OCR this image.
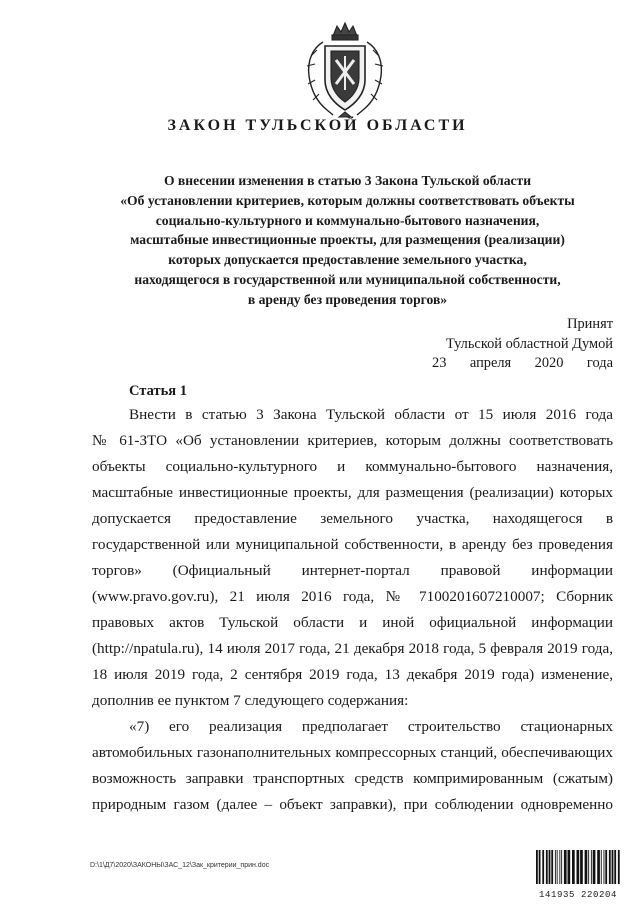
ЗАКОН ТУЛЬСКОЙ ОБЛАСТИ
О внесении изменения в статью 3 Закона Тульской области
«Об установлении критериев, которым должны соответствовать объекты
социально-культурного и коммунально-бытового назначения,
масштабные инвестиционные проекты, для размещения (реализации)
которых допускается предоставление земельного участка,
находящегося в государственной или муниципальной собственности,
в аренду без проведения торгов»
Принят
Тульской областной Думой
23 апреля 2020 года
Статья 1
Внести в статью 3 Закона Тульской области от 15 июля 2016 года
№ 61-ЗТО «Об установлении критериев, которым должны соответствовать
объекты социально-культурного и коммунально-бытового назначения,
масштабные инвестиционные проекты, для размещения (реализации) которых
допускается предоставление земельного участка, находящегося в
государственной или муниципальной собственности, в аренду без проведения
торгов» (Официальный интернет-портал правовой информации
(www.pravo.gov.ru), 21 июля 2016 года, № 7100201607210007; Сборник
правовых актов Тульской области и иной официальной информации
(http://npatula.ru), 14 июля 2017 года, 21 декабря 2018 года, 5 февраля 2019 года,
18 июля 2019 года, 2 сентября 2019 года, 13 декабря 2019 года) изменение,
дополнив ее пунктом 7 следующего содержания:
«7) его реализация предполагает строительство стационарных
автомобильных газонаполнительных компрессорных станций, обеспечивающих
возможность заправки транспортных средств компримированным (сжатым)
природным газом (далее – объект заправки), при соблюдении одновременно
D:\1\Д7\2020\ЗАКОНЫ\ЗАС_12\Зак_критерии_прин.doc
141935 220204
